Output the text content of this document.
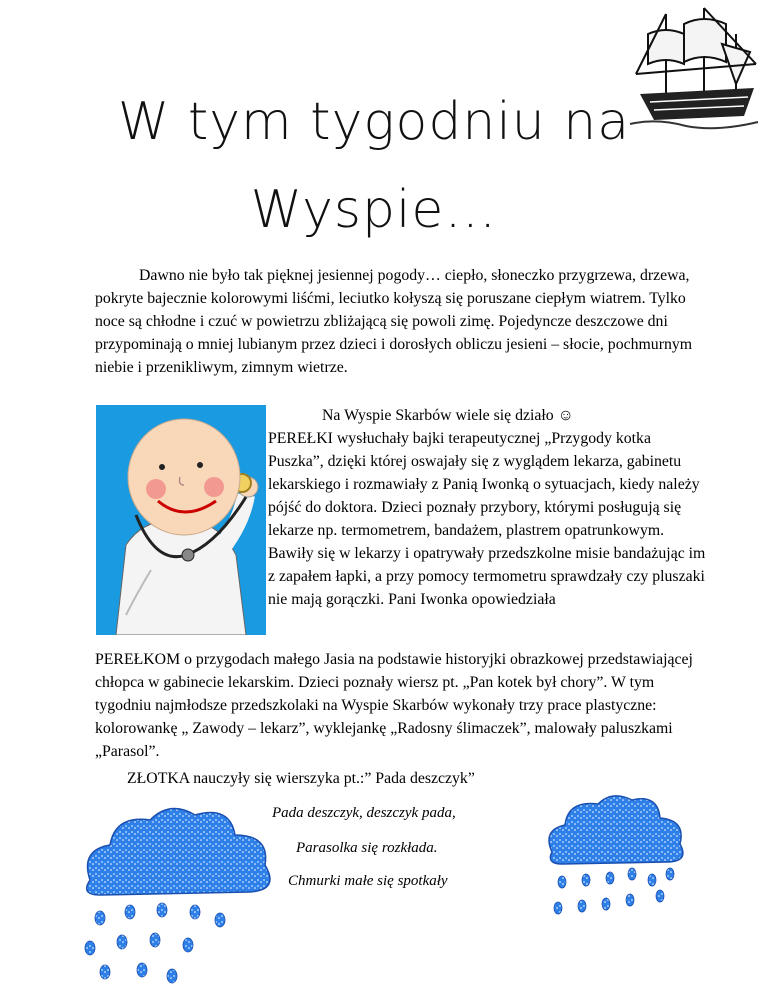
W tym tygodniu na
Wyspie…
Dawno nie było tak pięknej jesiennej pogody… ciepło, słoneczko przygrzewa, drzewa, pokryte bajecznie kolorowymi liśćmi, leciutko kołyszą się poruszane ciepłym wiatrem. Tylko noce są chłodne i czuć w powietrzu zbliżającą się powoli zimę. Pojedyncze deszczowe dni przypominają o mniej lubianym przez dzieci i dorosłych obliczu jesieni – słocie, pochmurnym niebie i przenikliwym, zimnym wietrze.
Na Wyspie Skarbów wiele się działo ☺
PEREŁKI wysłuchały bajki terapeutycznej „Przygody kotka Puszka”, dzięki której oswajały się z wyglądem lekarza, gabinetu lekarskiego i rozmawiały z Panią Iwonką o sytuacjach, kiedy należy pójść do doktora. Dzieci poznały przybory, którymi posługują się lekarze np. termometrem, bandażem, plastrem opatrunkowym. Bawiły się w lekarzy i opatrywały przedszkolne misie bandażując im z zapałem łapki, a przy pomocy termometru sprawdzały czy pluszaki nie mają gorączki. Pani Iwonka opowiedziała
PEREŁKOM o przygodach małego Jasia na podstawie historyjki obrazkowej przedstawiającej chłopca w gabinecie lekarskim. Dzieci poznały wiersz pt. „Pan kotek był chory”. W tym tygodniu najmłodsze przedszkolaki na Wyspie Skarbów wykonały trzy prace plastyczne: kolorowankę „ Zawody – lekarz”, wyklejankę „Radosny ślimaczek”, malowały paluszkami „Parasol”.
ZŁOTKA nauczyły się wierszyka pt.:” Pada deszczyk”
Pada deszczyk, deszczyk pada,
Parasolka się rozkłada.
Chmurki małe się spotkały
